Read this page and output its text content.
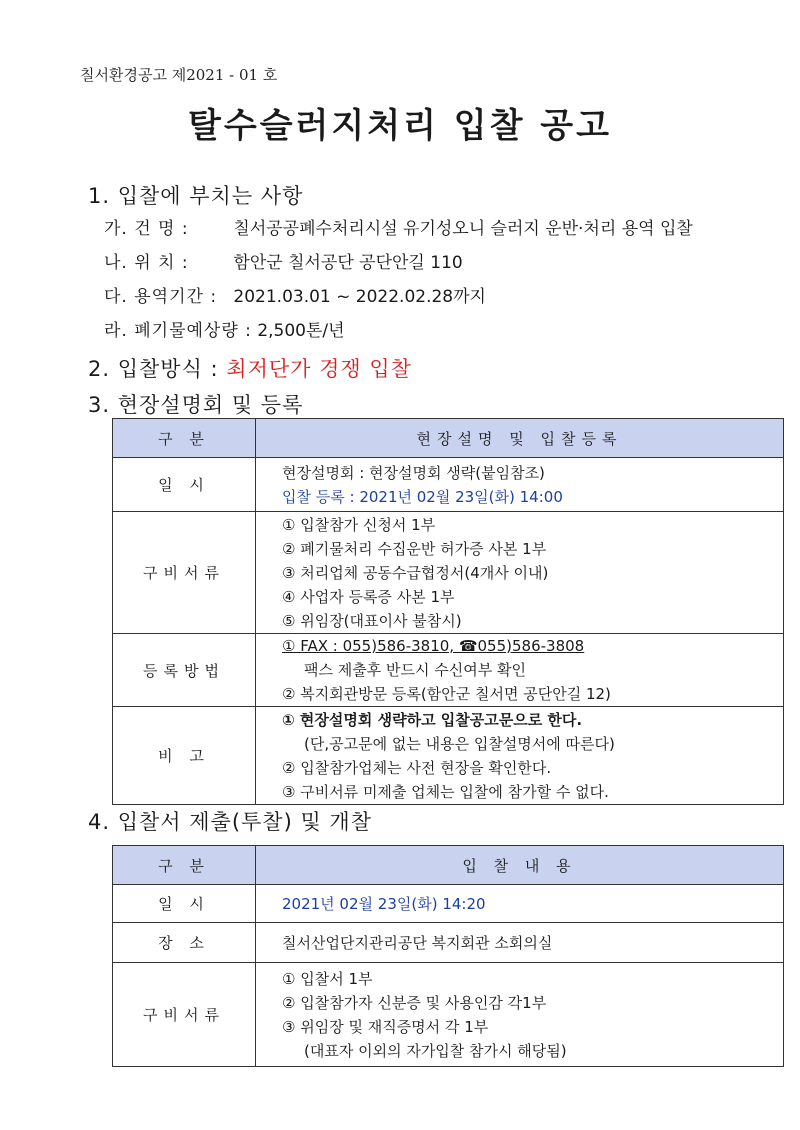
칠서환경공고 제2021 - 01 호
탈수슬러지처리 입찰 공고
1. 입찰에 부치는 사항
가. 건 명 :	칠서공공폐수처리시설 유기성오니 슬러지 운반·처리 용역 입찰
나. 위 치 :	함안군 칠서공단 공단안길 110
다. 용역기간 : 2021.03.01 ~ 2022.02.28까지
라. 폐기물예상량 : 2,500톤/년
2. 입찰방식 : 최저단가 경쟁 입찰
3. 현장설명회 및 등록
구 분	현장설명 및 입찰등록
일 시	현장설명회 : 현장설명회 생략(붙임참조)
입찰 등록 : 2021년 02월 23일(화) 14:00

구비서류	① 입찰참가 신청서 1부
② 폐기물처리 수집운반 허가증 사본 1부
③ 처리업체 공동수급협정서(4개사 이내)
④ 사업자 등록증 사본 1부
⑤ 위임장(대표이사 불참시)

등록방법	① FAX : 055)586-3810, ☎055)586-3808
팩스 제출후 반드시 수신여부 확인
② 복지회관방문 등록(함안군 칠서면 공단안길 12)

비 고	① 현장설명회 생략하고 입찰공고문으로 한다.
(단,공고문에 없는 내용은 입찰설명서에 따른다)
② 입찰참가업체는 사전 현장을 확인한다.
③ 구비서류 미제출 업체는 입찰에 참가할 수 없다.
4. 입찰서 제출(투찰) 및 개찰
구 분	입 찰 내 용
일 시	2021년 02월 23일(화) 14:20

장 소	칠서산업단지관리공단 복지회관 소회의실

구비서류	① 입찰서 1부
② 입찰참가자 신분증 및 사용인감 각1부
③ 위임장 및 재직증명서 각 1부
(대표자 이외의 자가입찰 참가시 해당됨)
